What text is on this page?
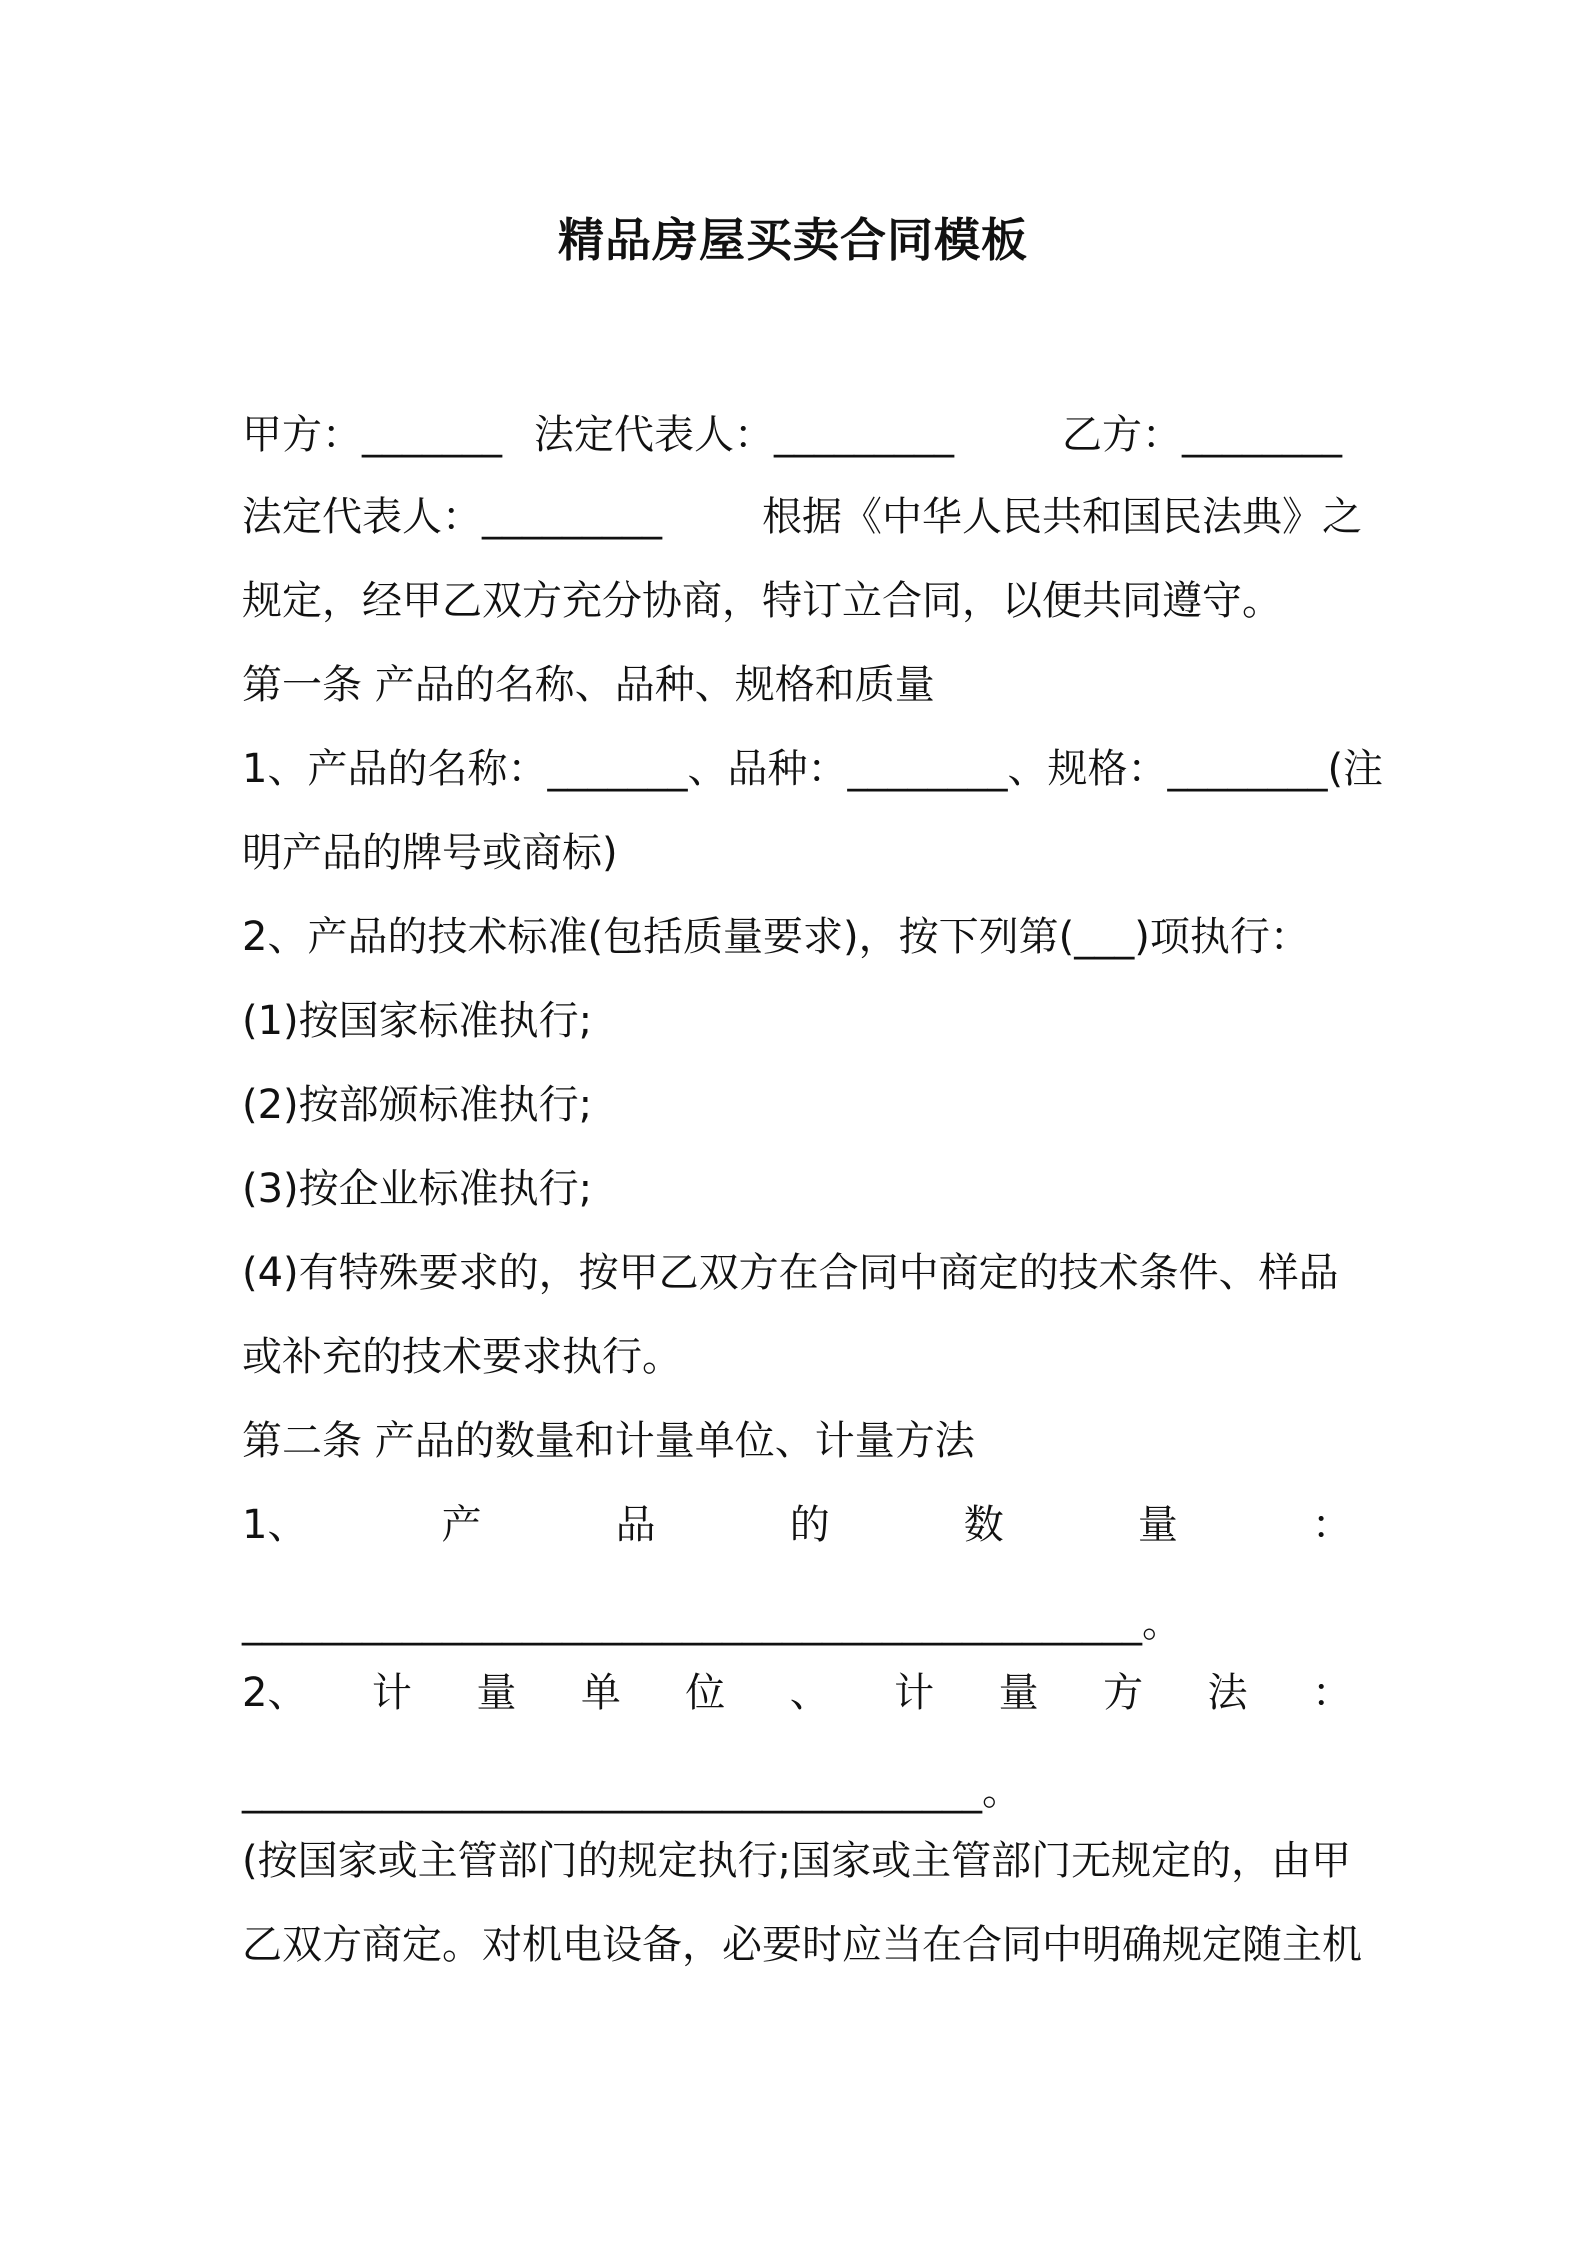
精品房屋买卖合同模板
甲方：_______ 法定代表人：_________	乙方：________
法定代表人：_________	根据《中华人民共和国民法典》之
规定，经甲乙双方充分协商，特订立合同，以便共同遵守。
第一条 产品的名称、品种、规格和质量
1、产品的名称：_______、品种：________、规格：________(注
明产品的牌号或商标)
2、产品的技术标准(包括质量要求)，按下列第(___)项执行：
(1)按国家标准执行;
(2)按部颁标准执行;
(3)按企业标准执行;
(4)有特殊要求的，按甲乙双方在合同中商定的技术条件、样品
或补充的技术要求执行。
第二条 产品的数量和计量单位、计量方法
1、	产	品	的	数	量	：
_____________________________________________。
2、 计 量 单 位 、 计 量 方 法 ：
_____________________________________。
(按国家或主管部门的规定执行;国家或主管部门无规定的，由甲
乙双方商定。对机电设备，必要时应当在合同中明确规定随主机
